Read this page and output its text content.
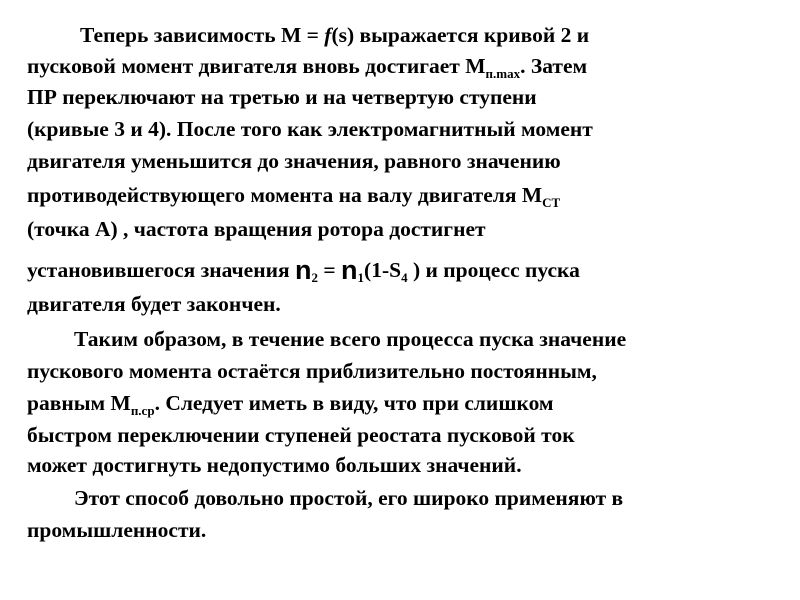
Теперь зависимость М = f(s) выражается кривой 2 и
пусковой момент двигателя вновь достигает $М_{п.max}$. Затем
ПР переключают на третью и на четвертую ступени
(кривые 3 и 4). После того как электромагнитный момент
двигателя уменьшится до значения, равного значению
противодействующего момента на валу двигателя $М_{СТ}$
(точка А) , частота вращения ротора достигнет
установившегося значения $n_2 = n_1(1-S_4$ ) и процесс пуска
двигателя будет закончен.
Таким образом, в течение всего процесса пуска значение
пускового момента остаётся приблизительно постоянным,
равным $М_{п.ср}$. Следует иметь в виду, что при слишком
быстром переключении ступеней реостата пусковой ток
может достигнуть недопустимо больших значений.
Этот способ довольно простой, его широко применяют в
промышленности.
